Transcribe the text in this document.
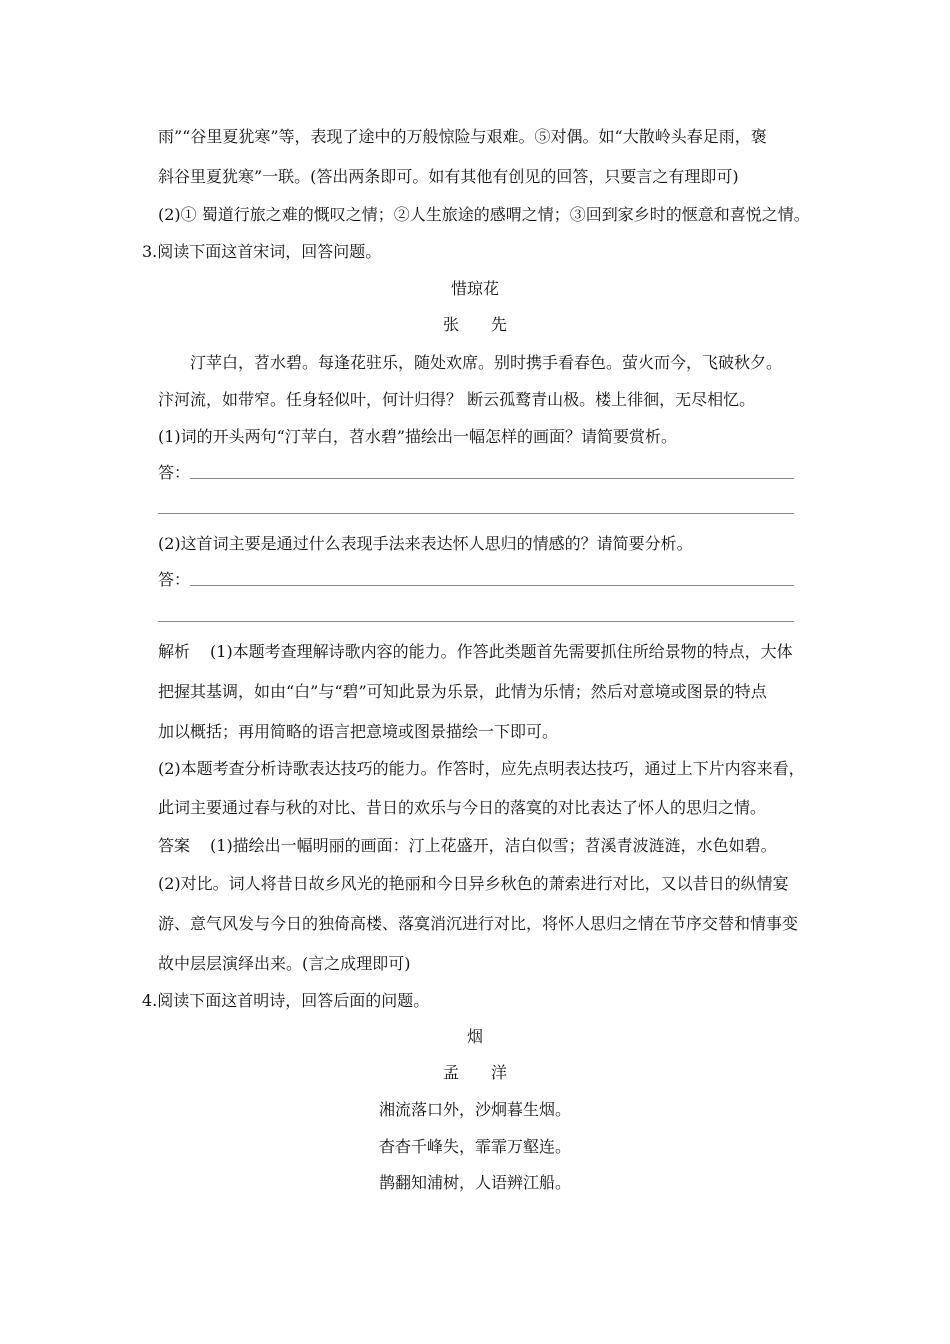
雨”“谷里夏犹寒”等，表现了途中的万般惊险与艰难。⑤对偶。如“大散岭头春足雨，褒
斜谷里夏犹寒”一联。(答出两条即可。如有其他有创见的回答，只要言之有理即可)
(2)① 蜀道行旅之难的慨叹之情；②人生旅途的感喟之情；③回到家乡时的惬意和喜悦之情。
3.阅读下面这首宋词，回答问题。
惜琼花
张 先
汀苹白，苕水碧。每逢花驻乐，随处欢席。别时携手看春色。萤火而今，飞破秋夕。
汴河流，如带窄。任身轻似叶，何计归得？ 断云孤鹜青山极。楼上徘徊，无尽相忆。
(1)词的开头两句“汀苹白，苕水碧”描绘出一幅怎样的画面？请简要赏析。
答：
(2)这首词主要是通过什么表现手法来表达怀人思归的情感的？请简要分析。
答：
解析 (1)本题考查理解诗歌内容的能力。作答此类题首先需要抓住所给景物的特点，大体
把握其基调，如由“白”与“碧”可知此景为乐景，此情为乐情；然后对意境或图景的特点
加以概括；再用简略的语言把意境或图景描绘一下即可。
(2)本题考查分析诗歌表达技巧的能力。作答时，应先点明表达技巧，通过上下片内容来看，
此词主要通过春与秋的对比、昔日的欢乐与今日的落寞的对比表达了怀人的思归之情。
答案 (1)描绘出一幅明丽的画面：汀上花盛开，洁白似雪；苕溪青波涟涟，水色如碧。
(2)对比。词人将昔日故乡风光的艳丽和今日异乡秋色的萧索进行对比，又以昔日的纵情宴
游、意气风发与今日的独倚高楼、落寞消沉进行对比，将怀人思归之情在节序交替和情事变
故中层层演绎出来。(言之成理即可)
4.阅读下面这首明诗，回答后面的问题。
烟
孟 洋
湘流落口外，沙炯暮生烟。
杳杳千峰失，霏霏万壑连。
鹊翻知浦树，人语辨江船。
